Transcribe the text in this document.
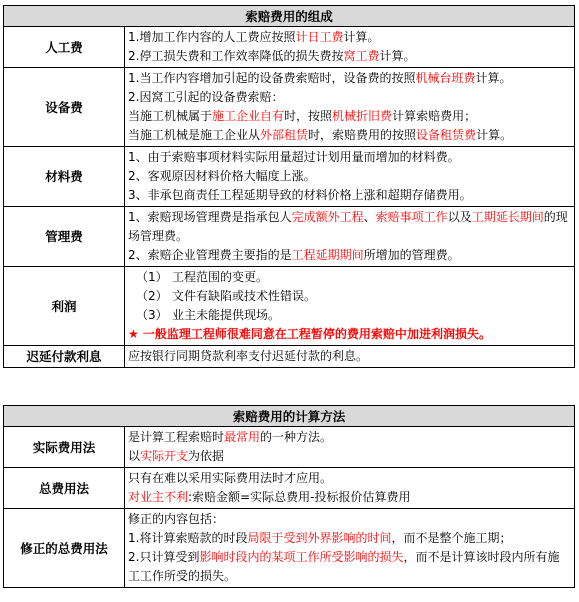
索赔费用的组成	
人工费	1.增加工作内容的人工费应按照计日工费计算。
2.停工损失费和工作效率降低的损失费按窝工费计算。

设备费	1.当工作内容增加引起的设备费索赔时，设备费的按照机械台班费计算。
2.因窝工引起的设备费索赔：
当施工机械属于施工企业自有时，按照机械折旧费计算索赔费用；
当施工机械是施工企业从外部租赁时，索赔费用的按照设备租赁费计算。

材料费	1、由于索赔事项材料实际用量超过计划用量而增加的材料费。
2、客观原因材料价格大幅度上涨。
3、非承包商责任工程延期导致的材料价格上涨和超期存储费用。

管理费	1、索赔现场管理费是指承包人完成额外工程、索赔事项工作以及工期延长期间的现场管理费。
2、索赔企业管理费主要指的是工程延期期间所增加的管理费。

利润	（1） 工程范围的变更。
（2） 文件有缺陷或技术性错误。
（3） 业主未能提供现场。
★ 一般监理工程师很难同意在工程暂停的费用索赔中加进利润损失。

迟延付款利息	应按银行同期贷款利率支付迟延付款的利息。
索赔费用的计算方法	
实际费用法	是计算工程索赔时最常用的一种方法。
以实际开支为依据

总费用法	只有在难以采用实际费用法时才应用。
对业主不利:索赔金额=实际总费用-投标报价估算费用

修正的总费用法	修正的内容包括：
1.将计算索赔款的时段局限于受到外界影响的时间，而不是整个施工期；
2.只计算受到影响时段内的某项工作所受影响的损失，而不是计算该时段内所有施工工作所受的损失。
